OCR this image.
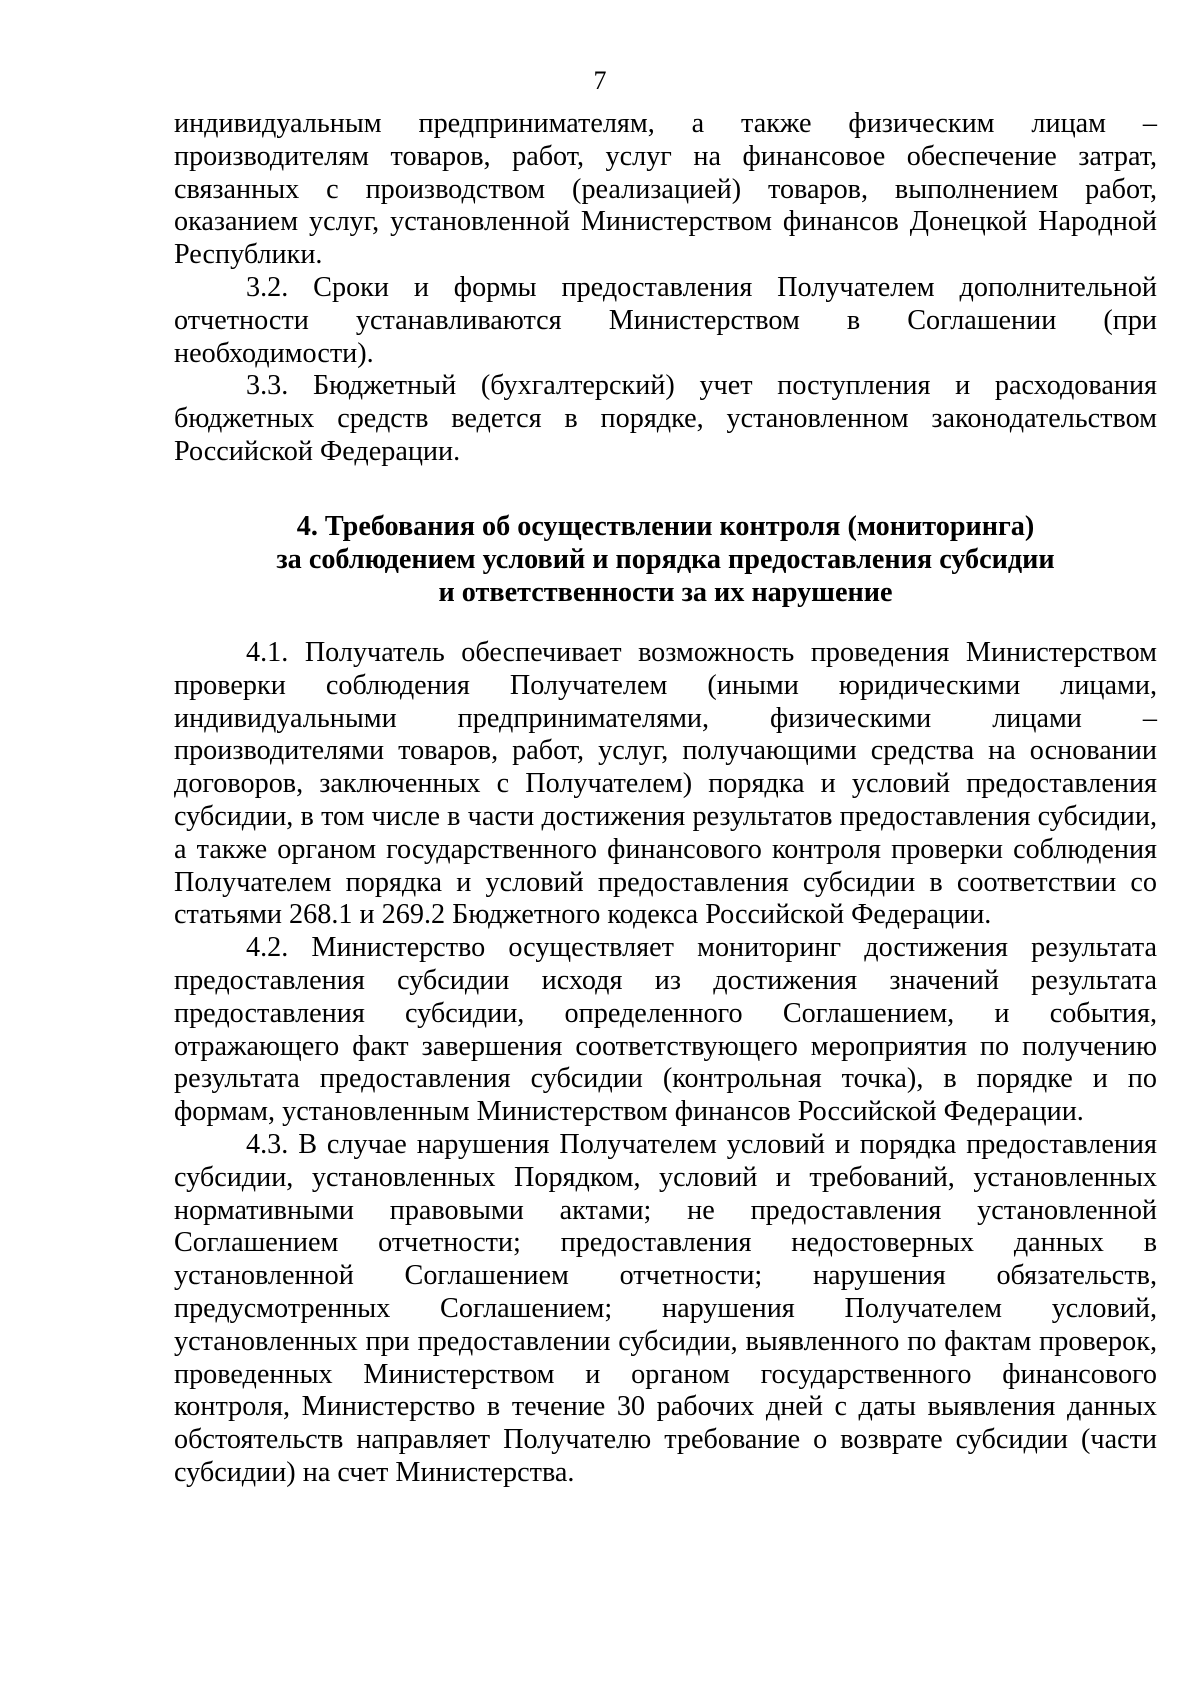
7

индивидуальным предпринимателям, а также физическим лицам – производителям товаров, работ, услуг на финансовое обеспечение затрат, связанных с производством (реализацией) товаров, выполнением работ, оказанием услуг, установленной Министерством финансов Донецкой Народной Республики.

3.2. Сроки и формы предоставления Получателем дополнительной отчетности устанавливаются Министерством в Соглашении (при необходимости).

3.3. Бюджетный (бухгалтерский) учет поступления и расходования бюджетных средств ведется в порядке, установленном законодательством Российской Федерации.

4. Требования об осуществлении контроля (мониторинга)
за соблюдением условий и порядка предоставления субсидии
и ответственности за их нарушение

4.1. Получатель обеспечивает возможность проведения Министерством проверки соблюдения Получателем (иными юридическими лицами, индивидуальными предпринимателями, физическими лицами – производителями товаров, работ, услуг, получающими средства на основании договоров, заключенных с Получателем) порядка и условий предоставления субсидии, в том числе в части достижения результатов предоставления субсидии, а также органом государственного финансового контроля проверки соблюдения Получателем порядка и условий предоставления субсидии в соответствии со статьями 268.1 и 269.2 Бюджетного кодекса Российской Федерации.

4.2. Министерство осуществляет мониторинг достижения результата предоставления субсидии исходя из достижения значений результата предоставления субсидии, определенного Соглашением, и события, отражающего факт завершения соответствующего мероприятия по получению результата предоставления субсидии (контрольная точка), в порядке и по формам, установленным Министерством финансов Российской Федерации.

4.3. В случае нарушения Получателем условий и порядка предоставления субсидии, установленных Порядком, условий и требований, установленных нормативными правовыми актами; не предоставления установленной Соглашением отчетности; предоставления недостоверных данных в установленной Соглашением отчетности; нарушения обязательств, предусмотренных Соглашением; нарушения Получателем условий, установленных при предоставлении субсидии, выявленного по фактам проверок, проведенных Министерством и органом государственного финансового контроля, Министерство в течение 30 рабочих дней с даты выявления данных обстоятельств направляет Получателю требование о возврате субсидии (части субсидии) на счет Министерства.
